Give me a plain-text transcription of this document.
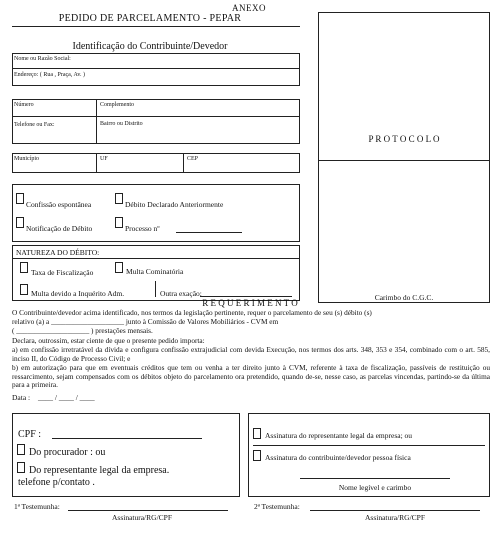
ANEXO
PEDIDO DE PARCELAMENTO - PEPAR
Identificação do Contribuinte/Devedor
Nome ou Razão Social:
Endereço: ( Rua , Praça, Av. )
Número	Complemento
Telefone ou Fax:	Bairro ou Distrito
Município	UF	CEP
Confissão espontânea	Débito Declarado Anteriormente
Notificação de Débito	Processo nº
NATUREZA DO DÉBITO:
Taxa de Fiscalização	Multa Cominatória
Multa devido a Inquérito Adm.	Outra exação:
P R O T O C O L O
Carimbo do C.G.C.
R E Q U E R I M E N T O
O Contribuinte/devedor acima identificado, nos termos da legislação pertinente, requer o parcelamento de seu (s) débito (s)
relativo (a) a ____________________ junto à Comissão de Valores Mobiliários - CVM em
( ____________________ ) prestações mensais.
Declara, outrossim, estar ciente de que o presente pedido importa:
a) em confissão irretratável da dívida e configura confissão extrajudicial com devida Execução, nos termos dos arts. 348, 353 e 354, combinado com o art. 585, inciso II, do Código de Processo Civil; e
b) em autorização para que em eventuais créditos que tem ou venha a ter direito junto à CVM, referente à taxa de fiscalização, passíveis de restituição ou ressarcimento, sejam compensados com os débitos objeto do parcelamento ora pretendido, quando de-se, nesse caso, as parcelas vincendas, partindo-se da última para a primeira.
Data : ____ / ____ / ____
CPF :
Do procurador : ou
Do representante legal da empresa.
telefone p/contato .
Assinatura do representante legal da empresa; ou
Assinatura do contribuinte/devedor pessoa física
Nome legível e carimbo
1ª Testemunha:
Assinatura/RG/CPF
2ª Testemunha:
Assinatura/RG/CPF
